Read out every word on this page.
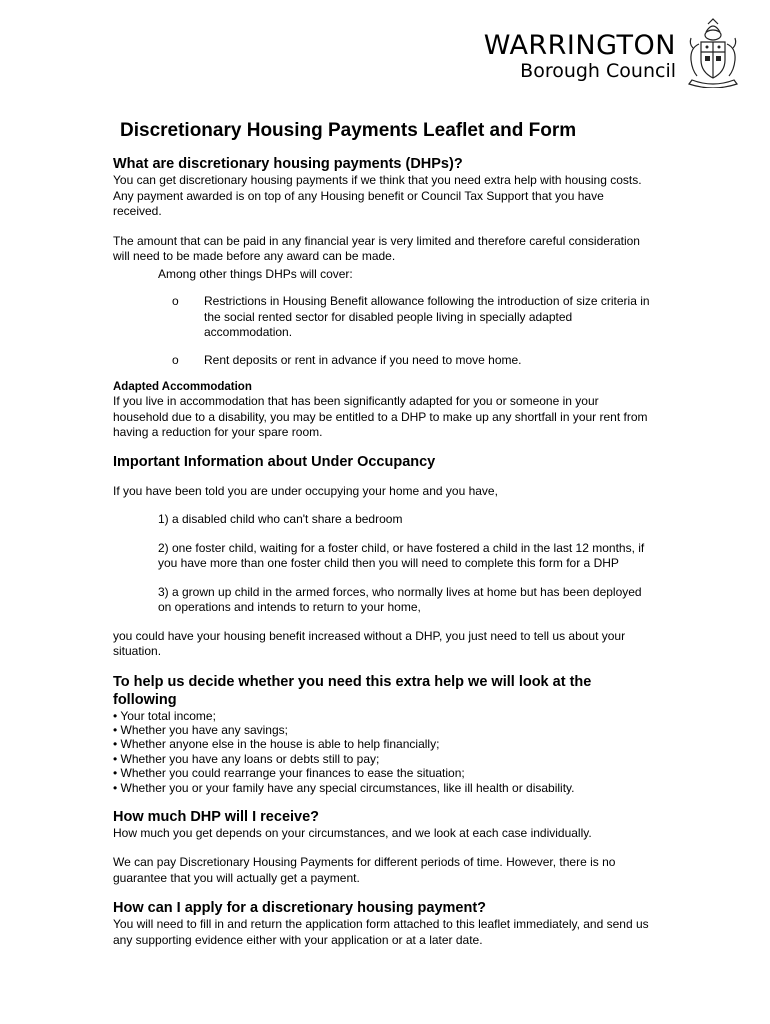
WARRINGTON
Borough Council
Discretionary Housing Payments Leaflet and Form
What are discretionary housing payments (DHPs)?

You can get discretionary housing payments if we think that you need extra help with housing costs. Any payment awarded is on top of any Housing benefit or Council Tax Support that you have received.

The amount that can be paid in any financial year is very limited and therefore careful consideration will need to be made before any award can be made.

Among other things DHPs will cover:

o	Restrictions in Housing Benefit allowance following the introduction of size criteria in the social rented sector for disabled people living in specially adapted accommodation.
o	Rent deposits or rent in advance if you need to move home.
Adapted Accommodation

If you live in accommodation that has been significantly adapted for you or someone in your household due to a disability, you may be entitled to a DHP to make up any shortfall in your rent from having a reduction for your spare room.

Important Information about Under Occupancy

If you have been told you are under occupying your home and you have,

1) a disabled child who can't share a bedroom

2) one foster child, waiting for a foster child, or have fostered a child in the last 12 months, if you have more than one foster child then you will need to complete this form for a DHP

3) a grown up child in the armed forces, who normally lives at home but has been deployed on operations and intends to return to your home,

you could have your housing benefit increased without a DHP, you just need to tell us about your situation.

To help us decide whether you need this extra help we will look at the following
• Your total income;
• Whether you have any savings;
• Whether anyone else in the house is able to help financially;
• Whether you have any loans or debts still to pay;
• Whether you could rearrange your finances to ease the situation;
• Whether you or your family have any special circumstances, like ill health or disability.
How much DHP will I receive?

How much you get depends on your circumstances, and we look at each case individually.

We can pay Discretionary Housing Payments for different periods of time. However, there is no guarantee that you will actually get a payment.

How can I apply for a discretionary housing payment?

You will need to fill in and return the application form attached to this leaflet immediately, and send us any supporting evidence either with your application or at a later date.
